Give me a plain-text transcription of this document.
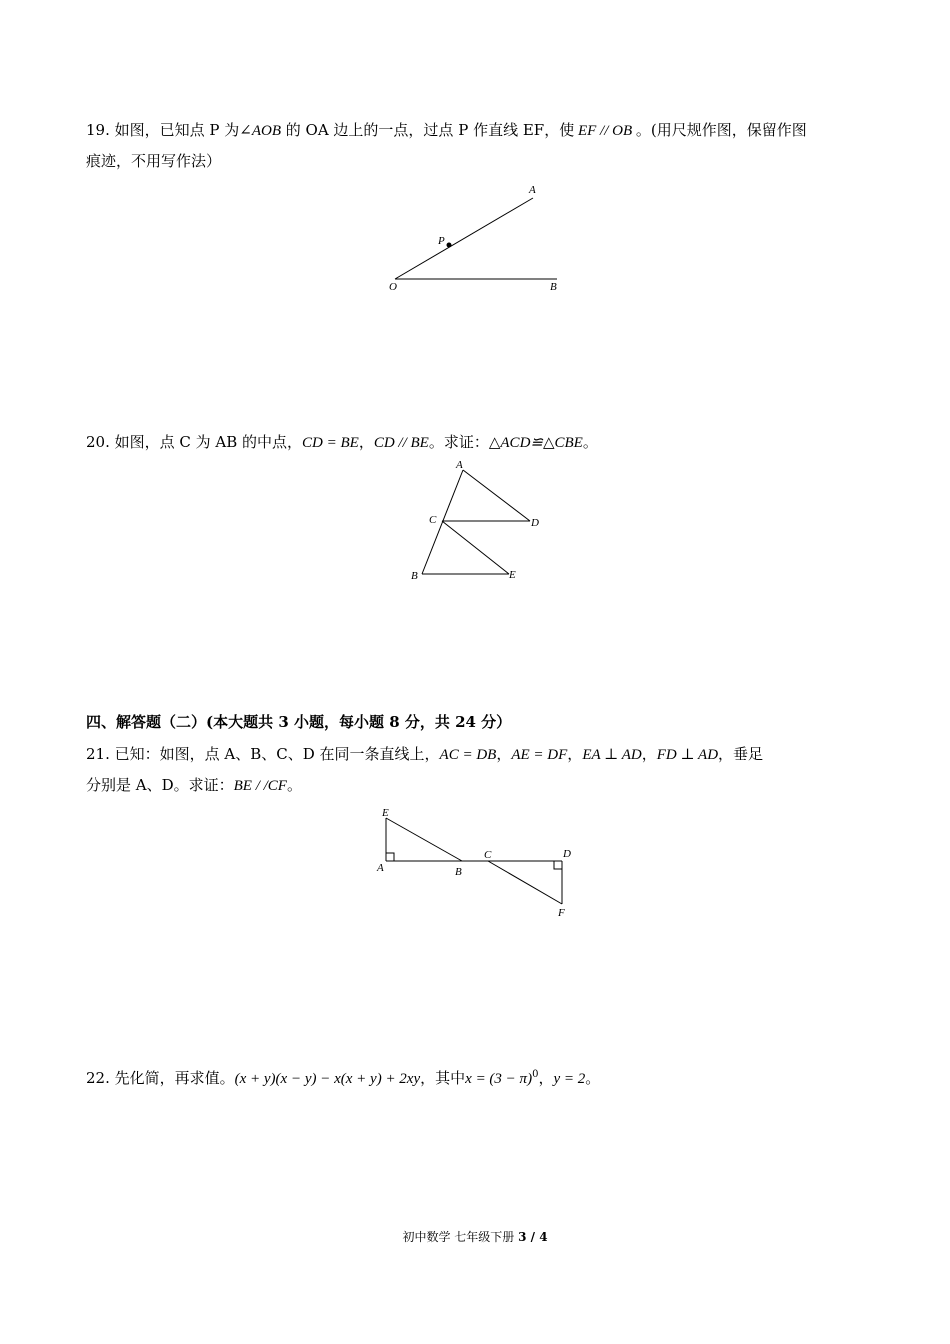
19. 如图，已知点 P 为∠AOB 的 OA 边上的一点，过点 P 作直线 EF，使 EF // OB 。(用尺规作图，保留作图
痕迹，不用写作法）
A
P
O	B
20. 如图，点 C 为 AB 的中点，CD = BE，CD // BE。求证：△ACD≌△CBE。
A
C	D
B	E
四、解答题（二）(本大题共 3 小题，每小题 8 分，共 24 分）
21. 已知：如图，点 A、B、C、D 在同一条直线上，AC = DB，AE = DF，EA ⊥ AD，FD ⊥ AD，垂足
分别是 A、D。求证：BE / /CF。
E
A	B
C	D
F
22. 先化简，再求值。(x + y)(x − y) − x(x + y) + 2xy，其中$x = (3 - \pi)^0$，y = 2。
初中数学 七年级下册 3 / 4
